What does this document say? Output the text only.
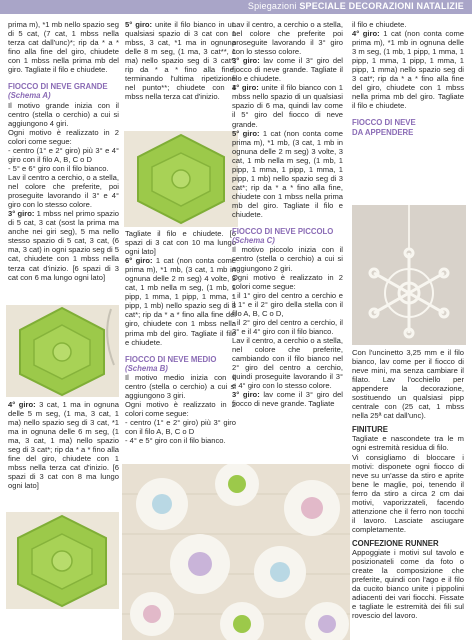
Spiegazioni SPECIALE DECORAZIONI NATALIZIE

prima m), *1 mb nello spazio seg di 5 cat, (7 cat, 1 mbss nella terza cat dall'unc)*; rip da * a * fino alla fine del giro, chiudete con 1 mbss nella prima mb del giro. Tagliate il filo e chiudete.

FIOCCO DI NEVE GRANDE
(Schema A)

Il motivo grande inizia con il centro (stella o cerchio) a cui si aggiungono 4 giri.
Ogni motivo è realizzato in 2 colori come segue:
- centro (1° e 2° giro) più 3° e 4° giro con il filo A, B, C o D
- 5° e 6° giro con il filo bianco.
Lav il centro a cerchio, o a stella, nel colore che preferite, poi proseguite lavorando il 3° e 4° giro con lo stesso colore.

3° giro: 1 mbss nel primo spazio di 5 cat, 3 cat (sost la prima ma anche nei giri seg), 5 ma nello stesso spazio di 5 cat, 3 cat, (6 ma, 3 cat) in ogni spazio seg di 5 cat, chiudete con 1 mbss nella terza cat d'inizio. [6 spazi di 3 cat con 6 ma lungo ogni lato]

4° giro: 3 cat, 1 ma in ognuna delle 5 m seg, (1 ma, 3 cat, 1 ma) nello spazio seg di 3 cat, *1 ma in ognuna delle 6 m seg, (1 ma, 3 cat, 1 ma) nello spazio seg di 3 cat*; rip da * a * fino alla fine del giro, chiudete con 1 mbss nella terza cat d'inizio. [6 spazi di 3 cat con 8 ma lungo ogni lato]

5° giro: unite il filo bianco in un qualsiasi spazio di 3 cat con 1 mbss, 3 cat, *1 ma in ognuna delle 8 m seg, (1 ma, 3 cat**, 1 ma) nello spazio seg di 3 cat*; rip da * a * fino alla fine, terminando l'ultima ripetizione nel punto**; chiudete con 1 mbss nella terza cat d'inizio.

Tagliate il filo e chiudete. [6 spazi di 3 cat con 10 ma lungo ogni lato]

6° giro: 1 cat (non conta come prima m), *1 mb, (3 cat, 1 mb in ognuna delle 2 m seg) 4 volte, 3 cat, 1 mb nella m seg, (1 mb, 1 pipp, 1 mma, 1 pipp, 1 mma, 1 pipp, 1 mb) nello spazio seg di 3 cat*; rip da * a * fino alla fine del giro, chiudete con 1 mbss nella prima mb del giro. Tagliate il filo e chiudete.

FIOCCO DI NEVE MEDIO
(Schema B)

Il motivo medio inizia con il centro (stella o cerchio) a cui si aggiungono 3 giri.
Ogni motivo è realizzato in 2 colori come segue:
- centro (1° e 2° giro) più 3° giro con il filo A, B, C o D
- 4° e 5° giro con il filo bianco.

Lav il centro, a cerchio o a stella, nel colore che preferite poi proseguite lavorando il 3° giro con lo stesso colore.

3° giro: lav come il 3° giro del fiocco di neve grande. Tagliate il filo e chiudete.

4° giro: unite il filo bianco con 1 mbss nello spazio di un qualsiasi spazio di 6 ma, quindi lav come il 5° giro del fiocco di neve grande.

5° giro: 1 cat (non conta come prima m), *1 mb, (3 cat, 1 mb in ognuna delle 2 m seg) 3 volte, 3 cat, 1 mb nella m seg, (1 mb, 1 pipp, 1 mma, 1 pipp, 1 mma, 1 pipp, 1 mb) nello spazio seg di 3 cat*; rip da * a * fino alla fine, chiudete con 1 mbss nella prima mb del giro. Tagliate il filo e chiudete.

FIOCCO DI NEVE PICCOLO
(Schema C)

Il motivo piccolo inizia con il centro (stella o cerchio) a cui si aggiungono 2 giri.
Ogni motivo è realizzato in 2 colori come segue:
- il 1° giro del centro a cerchio e il 1° e il 2° giro della stella con il filo A, B, C o D,
- il 2° giro del centro a cerchio, il 3° e il 4° giro con il filo bianco.
Lav il centro, a cerchio o a stella, nel colore che preferite, cambiando con il filo bianco nel 2° giro del centro a cerchio, quindi proseguite lavorando il 3° e 4° giro con lo stesso colore.

3° giro: lav come il 3° giro del fiocco di neve grande. Tagliate

il filo e chiudete.

4° giro: 1 cat (non conta come prima m), *1 mb in ognuna delle 3 m seg, (1 mb, 1 pipp, 1 mma, 1 pipp, 1 mma, 1 pipp, 1 mma, 1 pipp, 1 mma) nello spazio seg di 3 cat*; rip da * a * fino alla fine del giro, chiudete con 1 mbss nella prima mb del giro. Tagliate il filo e chiudete.

FIOCCO DI NEVE
DA APPENDERE

Con l'uncinetto 3,25 mm e il filo bianco, lav come per il fiocco di neve mini, ma senza cambiare il filato. Lav l'occhiello per appendere la decorazione, sostituendo un qualsiasi pipp centrale con (25 cat, 1 mbss nella 25ª cat dall'unc).

FINITURE

Tagliate e nascondete tra le m ogni estremità residua di filo.
Vi consigliamo di bloccare i motivi: disponete ogni fiocco di neve su un'asse da stiro e aprite bene le maglie, poi, tenendo il ferro da stiro a circa 2 cm dai motivi, vaporizzateli, facendo attenzione che il ferro non tocchi il lavoro. Lasciate asciugare completamente.

CONFEZIONE RUNNER

Appoggiate i motivi sul tavolo e posizionateli come da foto o create la composizione che preferite, quindi con l'ago e il filo da cucito bianco unite i pippolini adiacenti dei vari fiocchi. Fissate e tagliate le estremità dei fili sul rovescio del lavoro.
